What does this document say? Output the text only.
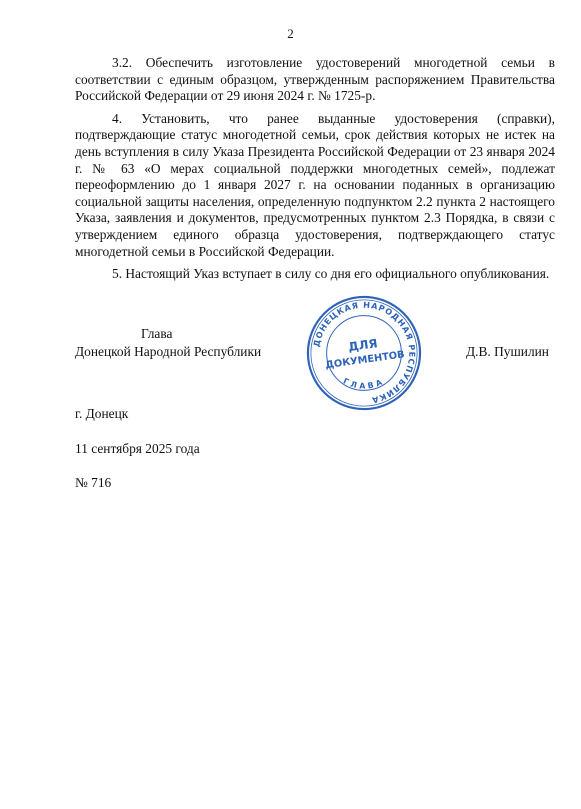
2

3.2. Обеспечить изготовление удостоверений многодетной семьи в соответствии с единым образцом, утвержденным распоряжением Правительства Российской Федерации от 29 июня 2024 г. № 1725-р.

4. Установить, что ранее выданные удостоверения (справки), подтверждающие статус многодетной семьи, срок действия которых не истек на день вступления в силу Указа Президента Российской Федерации от 23 января 2024 г. № 63 «О мерах социальной поддержки многодетных семей», подлежат переоформлению до 1 января 2027 г. на основании поданных в организацию социальной защиты населения, определенную подпунктом 2.2 пункта 2 настоящего Указа, заявления и документов, предусмотренных пунктом 2.3 Порядка, в связи с утверждением единого образца удостоверения, подтверждающего статус многодетной семьи в Российской Федерации.

5. Настоящий Указ вступает в силу со дня его официального опубликования.

Глава
Донецкой Народной Республики	Д.В. Пушилин
ДОНЕЦКАЯ НАРОДНАЯ РЕСПУБЛИКА
ГЛАВА
ДЛЯ
ДОКУМЕНТОВ
г. Донецк
11 сентября 2025 года
№ 716
